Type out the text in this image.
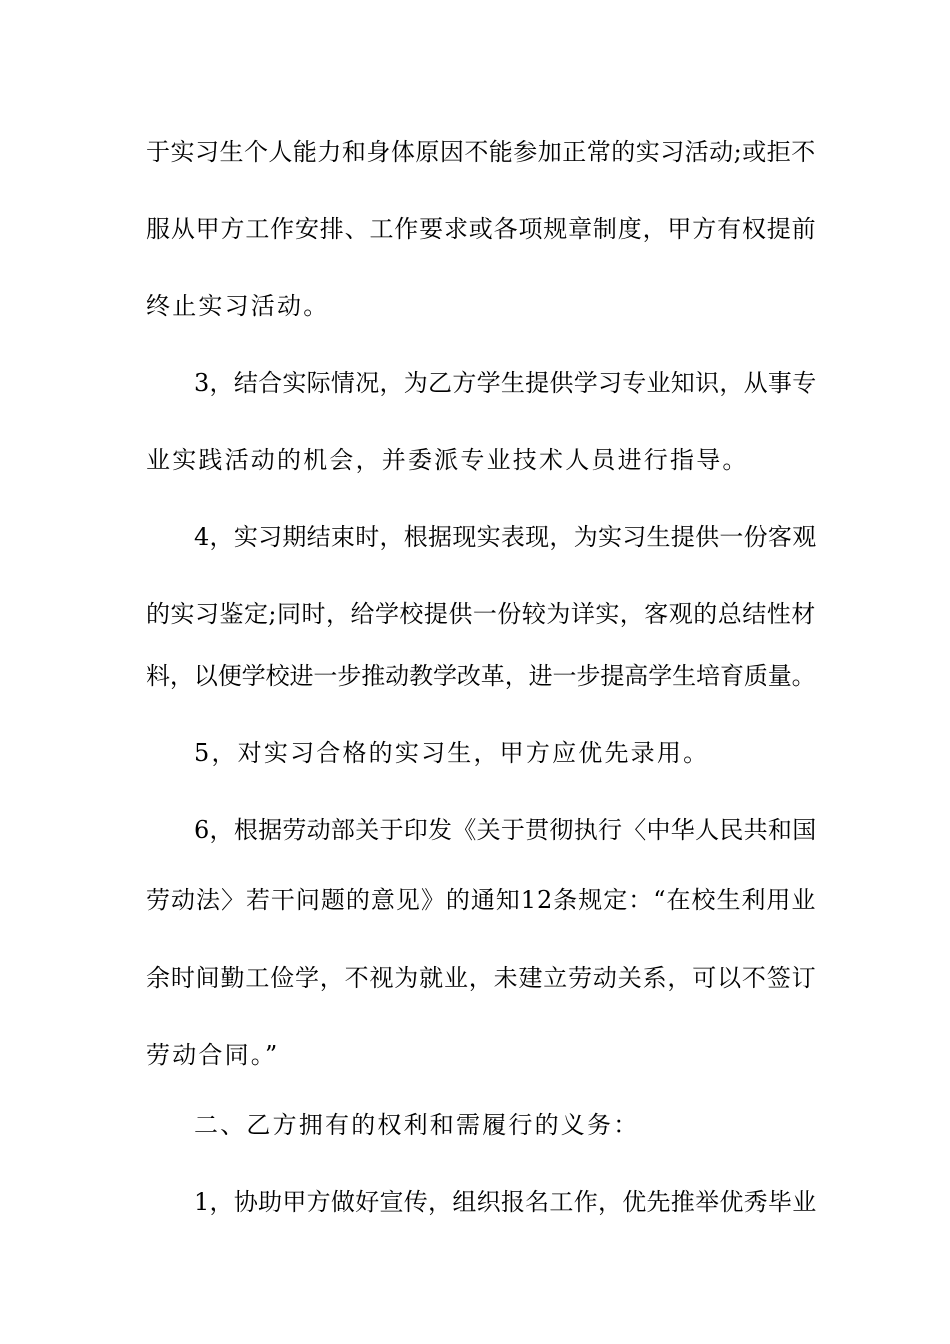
于实习生个人能力和身体原因不能参加正常的实习活动;或拒不
服从甲方工作安排、工作要求或各项规章制度，甲方有权提前
终止实习活动。
3，结合实际情况，为乙方学生提供学习专业知识，从事专
业实践活动的机会，并委派专业技术人员进行指导。
4，实习期结束时，根据现实表现，为实习生提供一份客观
的实习鉴定;同时，给学校提供一份较为详实，客观的总结性材
料，以便学校进一步推动教学改革，进一步提高学生培育质量。
5，对实习合格的实习生，甲方应优先录用。
6，根据劳动部关于印发《关于贯彻执行〈中华人民共和国
劳动法〉若干问题的意见》的通知12条规定：“在校生利用业
余时间勤工俭学，不视为就业，未建立劳动关系，可以不签订
劳动合同。”
二、乙方拥有的权利和需履行的义务：
1，协助甲方做好宣传，组织报名工作，优先推举优秀毕业
